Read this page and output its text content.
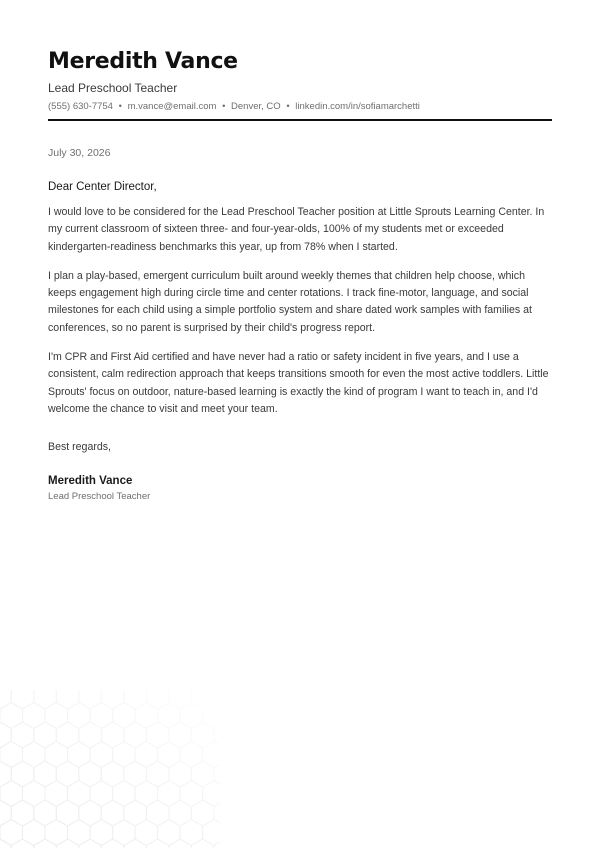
Meredith Vance
Lead Preschool Teacher
(555) 630-7754 • m.vance@email.com • Denver, CO • linkedin.com/in/sofiamarchetti
July 30, 2026
Dear Center Director,

I would love to be considered for the Lead Preschool Teacher position at Little Sprouts Learning Center. In my current classroom of sixteen three- and four-year-olds, 100% of my students met or exceeded kindergarten-readiness benchmarks this year, up from 78% when I started.

I plan a play-based, emergent curriculum built around weekly themes that children help choose, which keeps engagement high during circle time and center rotations. I track fine-motor, language, and social milestones for each child using a simple portfolio system and share dated work samples with families at conferences, so no parent is surprised by their child's progress report.

I'm CPR and First Aid certified and have never had a ratio or safety incident in five years, and I use a consistent, calm redirection approach that keeps transitions smooth for even the most active toddlers. Little Sprouts' focus on outdoor, nature-based learning is exactly the kind of program I want to teach in, and I'd welcome the chance to visit and meet your team.

Best regards,
Meredith Vance
Lead Preschool Teacher
